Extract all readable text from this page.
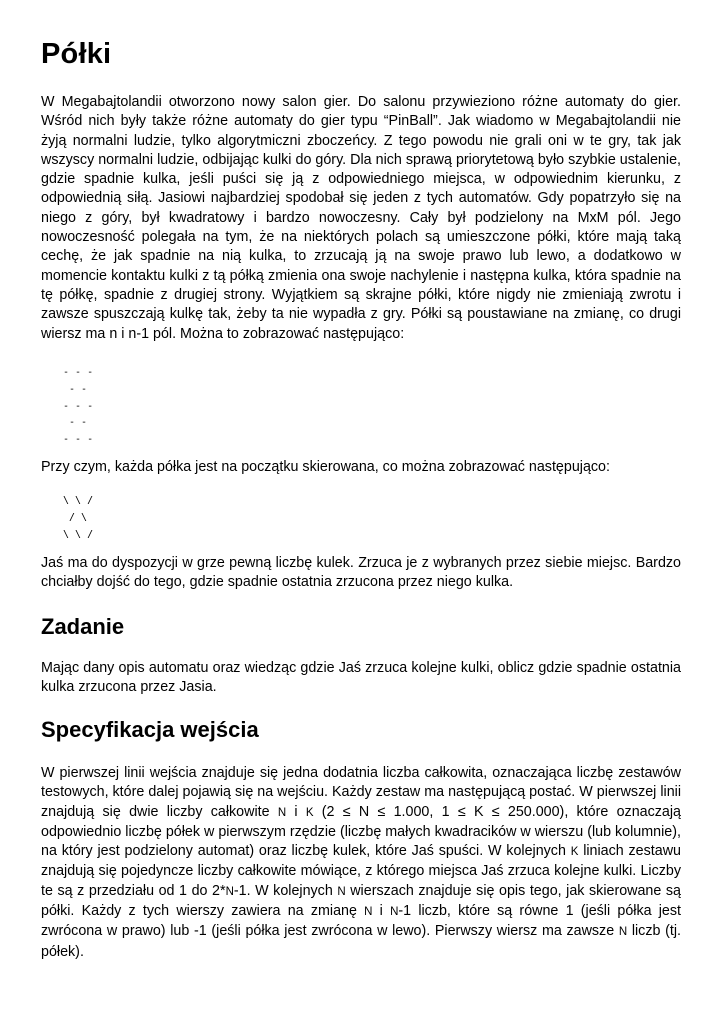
Półki

W Megabajtolandii otworzono nowy salon gier. Do salonu przywieziono różne automaty do gier. Wśród nich były także różne automaty do gier typu “PinBall”. Jak wiadomo w Megabajtolandii nie żyją normalni ludzie, tylko algorytmiczni zboczeńcy. Z tego powodu nie grali oni w te gry, tak jak wszyscy normalni ludzie, odbijając kulki do góry. Dla nich sprawą priorytetową było szybkie ustalenie, gdzie spadnie kulka, jeśli puści się ją z odpowiedniego miejsca, w odpowiednim kierunku, z odpowiednią siłą. Jasiowi najbardziej spodobał się jeden z tych automatów. Gdy popatrzyło się na niego z góry, był kwadratowy i bardzo nowoczesny. Cały był podzielony na MxM pól. Jego nowoczesność polegała na tym, że na niektórych polach są umieszczone półki, które mają taką cechę, że jak spadnie na nią kulka, to zrzucają ją na swoje prawo lub lewo, a dodatkowo w momencie kontaktu kulki z tą półką zmienia ona swoje nachylenie i następna kulka, która spadnie na tę półkę, spadnie z drugiej strony. Wyjątkiem są skrajne półki, które nigdy nie zmieniają zwrotu i zawsze spuszczają kulkę tak, żeby ta nie wypadła z gry. Półki są poustawiane na zmianę, co drugi wiersz ma n i n-1 pól. Można to zobrazować następująco:

- - -
- -
- - -
- -
- - -

Przy czym, każda półka jest na początku skierowana, co można zobrazować następująco:

\ \ /
/ \
\ \ /

Jaś ma do dyspozycji w grze pewną liczbę kulek. Zrzuca je z wybranych przez siebie miejsc. Bardzo chciałby dojść do tego, gdzie spadnie ostatnia zrzucona przez niego kulka.

Zadanie

Mając dany opis automatu oraz wiedząc gdzie Jaś zrzuca kolejne kulki, oblicz gdzie spadnie ostatnia kulka zrzucona przez Jasia.

Specyfikacja wejścia

W pierwszej linii wejścia znajduje się jedna dodatnia liczba całkowita, oznaczająca liczbę zestawów testowych, które dalej pojawią się na wejściu. Każdy zestaw ma następującą postać. W pierwszej linii znajdują się dwie liczby całkowite N i K (2 ≤ N ≤ 1.000, 1 ≤ K ≤ 250.000), które oznaczają odpowiednio liczbę półek w pierwszym rzędzie (liczbę małych kwadracików w wierszu (lub kolumnie), na który jest podzielony automat) oraz liczbę kulek, które Jaś spuści. W kolejnych K liniach zestawu znajdują się pojedyncze liczby całkowite mówiące, z którego miejsca Jaś zrzuca kolejne kulki. Liczby te są z przedziału od 1 do 2*N-1. W kolejnych N wierszach znajduje się opis tego, jak skierowane są półki. Każdy z tych wierszy zawiera na zmianę N i N-1 liczb, które są równe 1 (jeśli półka jest zwrócona w prawo) lub -1 (jeśli półka jest zwrócona w lewo). Pierwszy wiersz ma zawsze N liczb (tj. półek).
